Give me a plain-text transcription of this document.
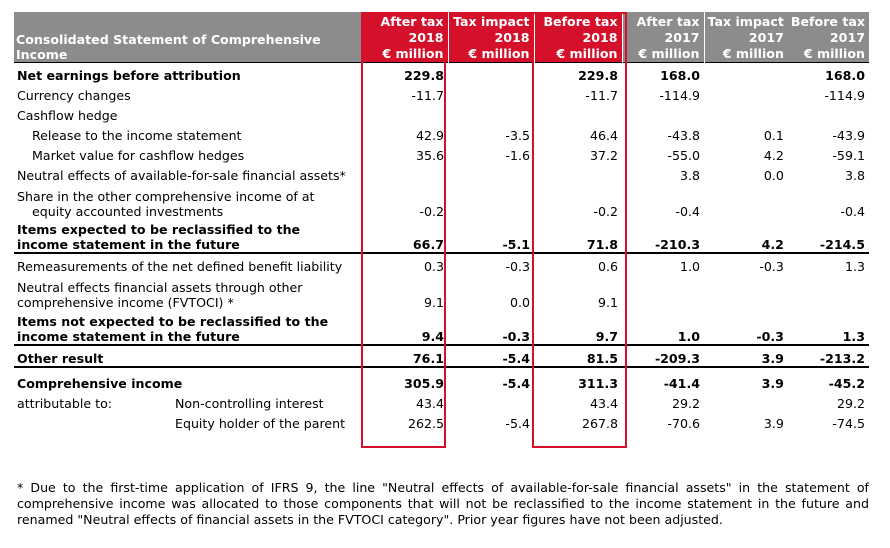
Consolidated Statement of Comprehensive Income	After tax
2018
€ million	Tax impact
2018
€ million	Before tax
2018
€ million	After tax
2017
€ million	Tax impact
2017
€ million	Before tax
2017
€ million

Net earnings before attribution	229.8		229.8	168.0		168.0
Currency changes	-11.7		-11.7	-114.9		-114.9
Cashflow hedge						
Release to the income statement	42.9	-3.5	46.4	-43.8	0.1	-43.9
Market value for cashflow hedges	35.6	-1.6	37.2	-55.0	4.2	-59.1
Neutral effects of available-for-sale financial assets*				3.8	0.0	3.8

Share in the other comprehensive income of at
equity accounted investments	-0.2		-0.2	-0.4		-0.4

Items expected to be reclassified to the
income statement in the future	66.7	-5.1	71.8	-210.3	4.2	-214.5
Remeasurements of the net defined benefit liability	0.3	-0.3	0.6	1.0	-0.3	1.3

Neutral effects financial assets through other
comprehensive income (FVTOCI) *	9.1	0.0	9.1			

Items not expected to be reclassified to the
income statement in the future	9.4	-0.3	9.7	1.0	-0.3	1.3
Other result	76.1	-5.4	81.5	-209.3	3.9	-213.2
Comprehensive income	305.9	-5.4	311.3	-41.4	3.9	-45.2
attributable to: Non-controlling interest	43.4		43.4	29.2		29.2
Equity holder of the parent	262.5	-5.4	267.8	-70.6	3.9	-74.5
* Due to the first-time application of IFRS 9, the line "Neutral effects of available-for-sale financial assets" in the statement of comprehensive income was allocated to those components that will not be reclassified to the income statement in the future and renamed "Neutral effects of financial assets in the FVTOCI category". Prior year figures have not been adjusted.
